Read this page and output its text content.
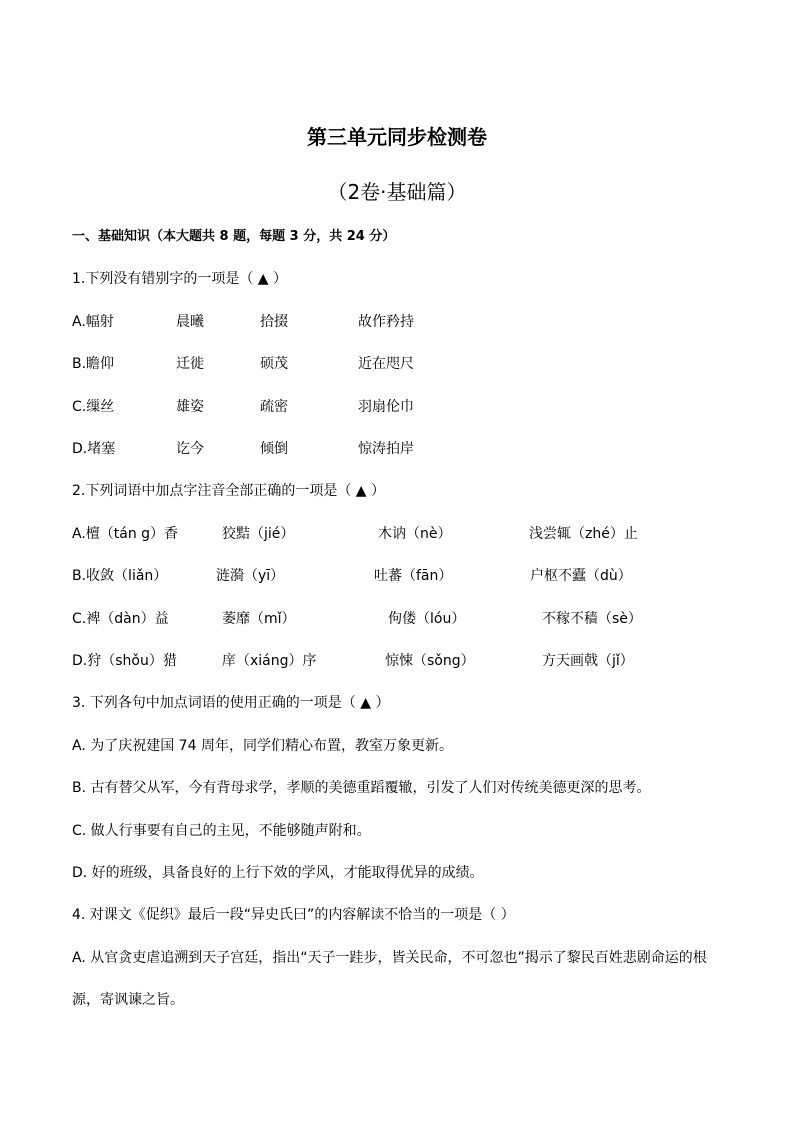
第三单元同步检测卷
（2卷·基础篇）
一、基础知识（本大题共 8 题，每题 3 分，共 24 分）
1.下列没有错别字的一项是（ ▲ ）
A.幅射	晨曦	拾掇	故作矜持
B.瞻仰	迁徙	硕茂	近在咫尺
C.缫丝	雄姿	疏密	羽扇伦巾
D.堵塞	讫今	倾倒	惊涛拍岸
2.下列词语中加点字注音全部正确的一项是（ ▲ ）
A.檀（tán g）香	狡黠（jié）	木讷（nè）	浅尝辄（zhé）止
B.收敛（liǎn）	涟漪（yī）	吐蕃（fān）	户枢不蠹（dù）
C.裨（dàn）益	萎靡（mǐ）	佝偻（lóu）	不稼不穑（sè）
D.狩（shǒu）猎	庠（xiáng）序	惊悚（sǒng）	方天画戟（jǐ）
3. 下列各句中加点词语的使用正确的一项是（ ▲ ）
A. 为了庆祝建国 74 周年，同学们精心布置，教室万象更新。
B. 古有替父从军，今有背母求学，孝顺的美德重蹈覆辙，引发了人们对传统美德更深的思考。
C. 做人行事要有自己的主见，不能够随声附和。
D. 好的班级，具备良好的上行下效的学风，才能取得优异的成绩。
4. 对课文《促织》最后一段“异史氏曰”的内容解读不恰当的一项是（ ）
A. 从官贪吏虐追溯到天子宫廷，指出“天子一跬步，皆关民命，不可忽也”揭示了黎民百姓悲剧命运的根源，寄讽谏之旨。
